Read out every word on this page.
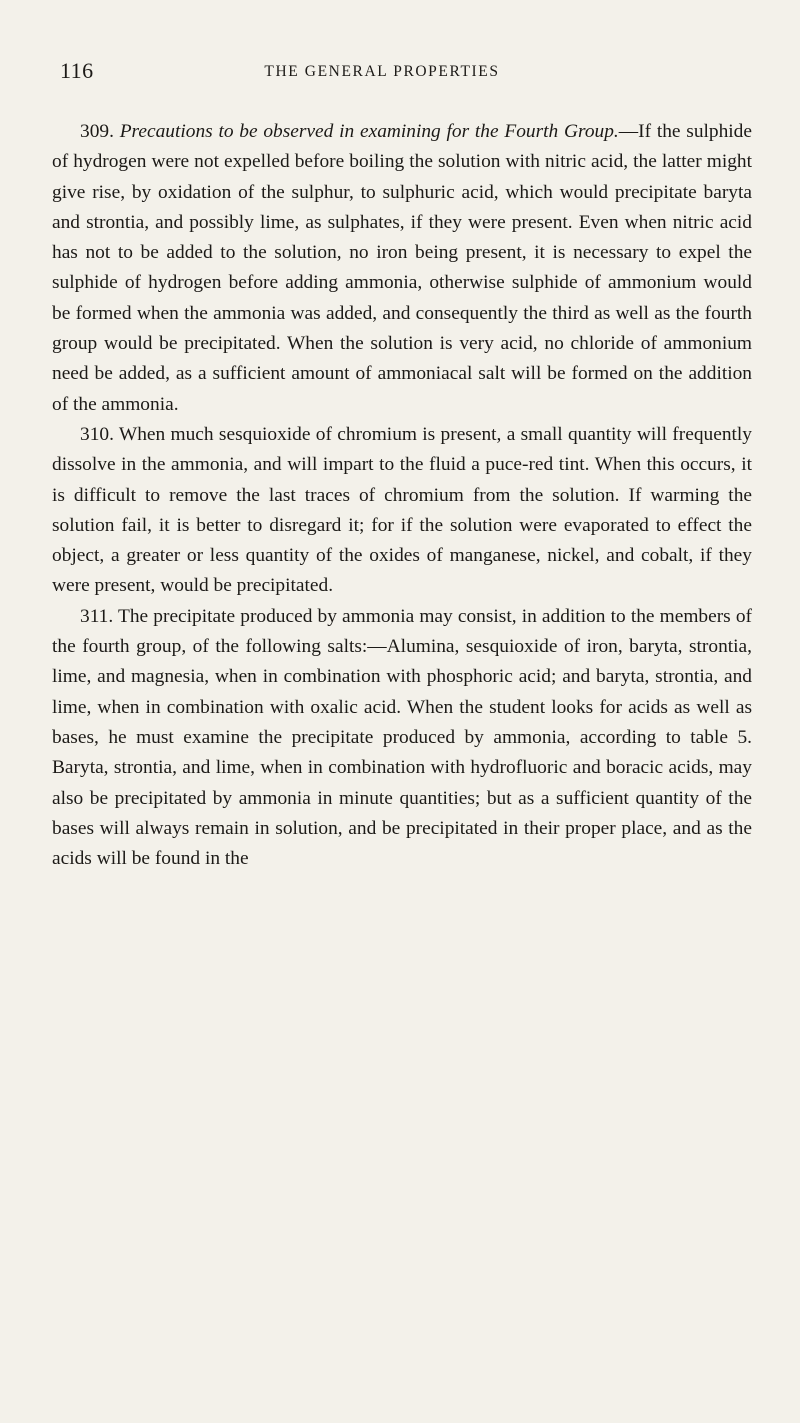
116	THE GENERAL PROPERTIES

309. Precautions to be observed in examining for the Fourth Group.—If the sulphide of hydrogen were not expelled before boiling the solution with nitric acid, the latter might give rise, by oxidation of the sulphur, to sulphuric acid, which would precipitate baryta and strontia, and possibly lime, as sulphates, if they were present. Even when nitric acid has not to be added to the solution, no iron being present, it is necessary to expel the sulphide of hydrogen before adding ammonia, otherwise sulphide of ammonium would be formed when the ammonia was added, and consequently the third as well as the fourth group would be precipitated. When the solution is very acid, no chloride of ammonium need be added, as a sufficient amount of ammoniacal salt will be formed on the addition of the ammonia.

310. When much sesquioxide of chromium is present, a small quantity will frequently dissolve in the ammonia, and will impart to the fluid a puce-red tint. When this occurs, it is difficult to remove the last traces of chromium from the solution. If warming the solution fail, it is better to disregard it; for if the solution were evaporated to effect the object, a greater or less quantity of the oxides of manganese, nickel, and cobalt, if they were present, would be precipitated.

311. The precipitate produced by ammonia may consist, in addition to the members of the fourth group, of the following salts:—Alumina, sesquioxide of iron, baryta, strontia, lime, and magnesia, when in combination with phosphoric acid; and baryta, strontia, and lime, when in combination with oxalic acid. When the student looks for acids as well as bases, he must examine the precipitate produced by ammonia, according to table 5. Baryta, strontia, and lime, when in combination with hydrofluoric and boracic acids, may also be precipitated by ammonia in minute quantities; but as a sufficient quantity of the bases will always remain in solution, and be precipitated in their proper place, and as the acids will be found in the
